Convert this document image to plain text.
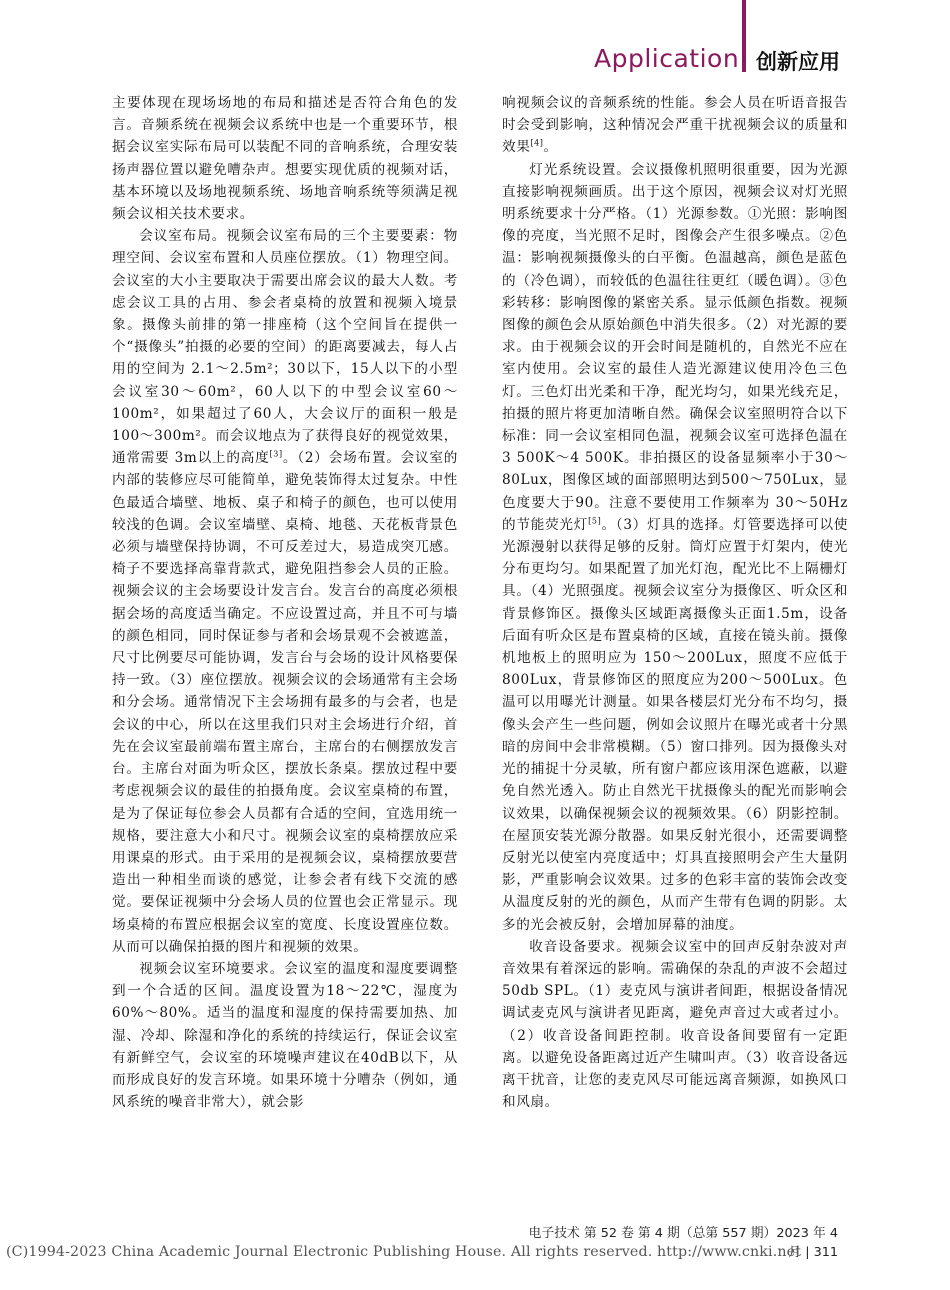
Application 创新应用

主要体现在现场场地的布局和描述是否符合角色的发言。音频系统在视频会议系统中也是一个重要环节，根据会议室实际布局可以装配不同的音响系统，合理安装扬声器位置以避免嘈杂声。想要实现优质的视频对话，基本环境以及场地视频系统、场地音响系统等须满足视频会议相关技术要求。

会议室布局。视频会议室布局的三个主要要素：物理空间、会议室布置和人员座位摆放。（1）物理空间。会议室的大小主要取决于需要出席会议的最大人数。考虑会议工具的占用、参会者桌椅的放置和视频入境景象。摄像头前排的第一排座椅（这个空间旨在提供一个“摄像头”拍摄的必要的空间）的距离要减去，每人占用的空间为 2.1～2.5m²；30以下，15人以下的小型会议室30～60m²，60人以下的中型会议室60～100m²，如果超过了60人，大会议厅的面积一般是100～300m²。而会议地点为了获得良好的视觉效果，通常需要 3m以上的高度[3]。（2）会场布置。会议室的内部的装修应尽可能简单，避免装饰得太过复杂。中性色最适合墙壁、地板、桌子和椅子的颜色，也可以使用较浅的色调。会议室墙壁、桌椅、地毯、天花板背景色必须与墙壁保持协调，不可反差过大，易造成突兀感。椅子不要选择高靠背款式，避免阻挡参会人员的正脸。视频会议的主会场要设计发言台。发言台的高度必须根据会场的高度适当确定。不应设置过高，并且不可与墙的颜色相同，同时保证参与者和会场景观不会被遮盖，尺寸比例要尽可能协调，发言台与会场的设计风格要保持一致。（3）座位摆放。视频会议的会场通常有主会场和分会场。通常情况下主会场拥有最多的与会者，也是会议的中心，所以在这里我们只对主会场进行介绍，首先在会议室最前端布置主席台，主席台的右侧摆放发言台。主席台对面为听众区，摆放长条桌。摆放过程中要考虑视频会议的最佳的拍摄角度。会议室桌椅的布置，是为了保证每位参会人员都有合适的空间，宜选用统一规格，要注意大小和尺寸。视频会议室的桌椅摆放应采用课桌的形式。由于采用的是视频会议，桌椅摆放要营造出一种相坐而谈的感觉，让参会者有线下交流的感觉。要保证视频中分会场人员的位置也会正常显示。现场桌椅的布置应根据会议室的宽度、长度设置座位数。从而可以确保拍摄的图片和视频的效果。

视频会议室环境要求。会议室的温度和湿度要调整到一个合适的区间。温度设置为18～22℃，湿度为60%～80%。适当的温度和湿度的保持需要加热、加湿、冷却、除湿和净化的系统的持续运行，保证会议室有新鲜空气，会议室的环境噪声建议在40dB以下，从而形成良好的发言环境。如果环境十分嘈杂（例如，通风系统的噪音非常大），就会影

响视频会议的音频系统的性能。参会人员在听语音报告时会受到影响，这种情况会严重干扰视频会议的质量和效果[4]。

灯光系统设置。会议摄像机照明很重要，因为光源直接影响视频画质。出于这个原因，视频会议对灯光照明系统要求十分严格。（1）光源参数。①光照：影响图像的亮度，当光照不足时，图像会产生很多噪点。②色温：影响视频摄像头的白平衡。色温越高，颜色是蓝色的（冷色调），而较低的色温往往更红（暖色调）。③色彩转移：影响图像的紧密关系。显示低颜色指数。视频图像的颜色会从原始颜色中消失很多。（2）对光源的要求。由于视频会议的开会时间是随机的，自然光不应在室内使用。会议室的最佳人造光源建议使用冷色三色灯。三色灯出光柔和干净，配光均匀，如果光线充足，拍摄的照片将更加清晰自然。确保会议室照明符合以下标准：同一会议室相同色温，视频会议室可选择色温在3 500K～4 500K。非拍摄区的设备显频率小于30～80Lux，图像区域的面部照明达到500～750Lux，显色度要大于90。注意不要使用工作频率为 30～50Hz 的节能荧光灯[5]。（3）灯具的选择。灯管要选择可以使光源漫射以获得足够的反射。筒灯应置于灯架内，使光分布更均匀。如果配置了加光灯泡，配光比不上隔栅灯具。（4）光照强度。视频会议室分为摄像区、听众区和背景修饰区。摄像头区域距离摄像头正面1.5m，设备后面有听众区是布置桌椅的区域，直接在镜头前。摄像机地板上的照明应为 150～200Lux，照度不应低于800Lux，背景修饰区的照度应为200～500Lux。色温可以用曝光计测量。如果各楼层灯光分布不均匀，摄像头会产生一些问题，例如会议照片在曝光或者十分黑暗的房间中会非常模糊。（5）窗口排列。因为摄像头对光的捕捉十分灵敏，所有窗户都应该用深色遮蔽，以避免自然光透入。防止自然光干扰摄像头的配光而影响会议效果，以确保视频会议的视频效果。（6）阴影控制。在屋顶安装光源分散器。如果反射光很小，还需要调整反射光以使室内亮度适中；灯具直接照明会产生大量阴影，严重影响会议效果。过多的色彩丰富的装饰会改变从温度反射的光的颜色，从而产生带有色调的阴影。太多的光会被反射，会增加屏幕的油度。

收音设备要求。视频会议室中的回声反射杂波对声音效果有着深远的影响。需确保的杂乱的声波不会超过50db SPL。（1）麦克风与演讲者间距，根据设备情况调试麦克风与演讲者见距离，避免声音过大或者过小。（2）收音设备间距控制。收音设备间要留有一定距离。以避免设备距离过近产生啸叫声。（3）收音设备远离干扰音，让您的麦克风尽可能远离音频源，如换风口和风扇。

电子技术 第 52 卷 第 4 期（总第 557 期）2023 年 4 月 | 311
(C)1994-2023 China Academic Journal Electronic Publishing House. All rights reserved. http://www.cnki.net
